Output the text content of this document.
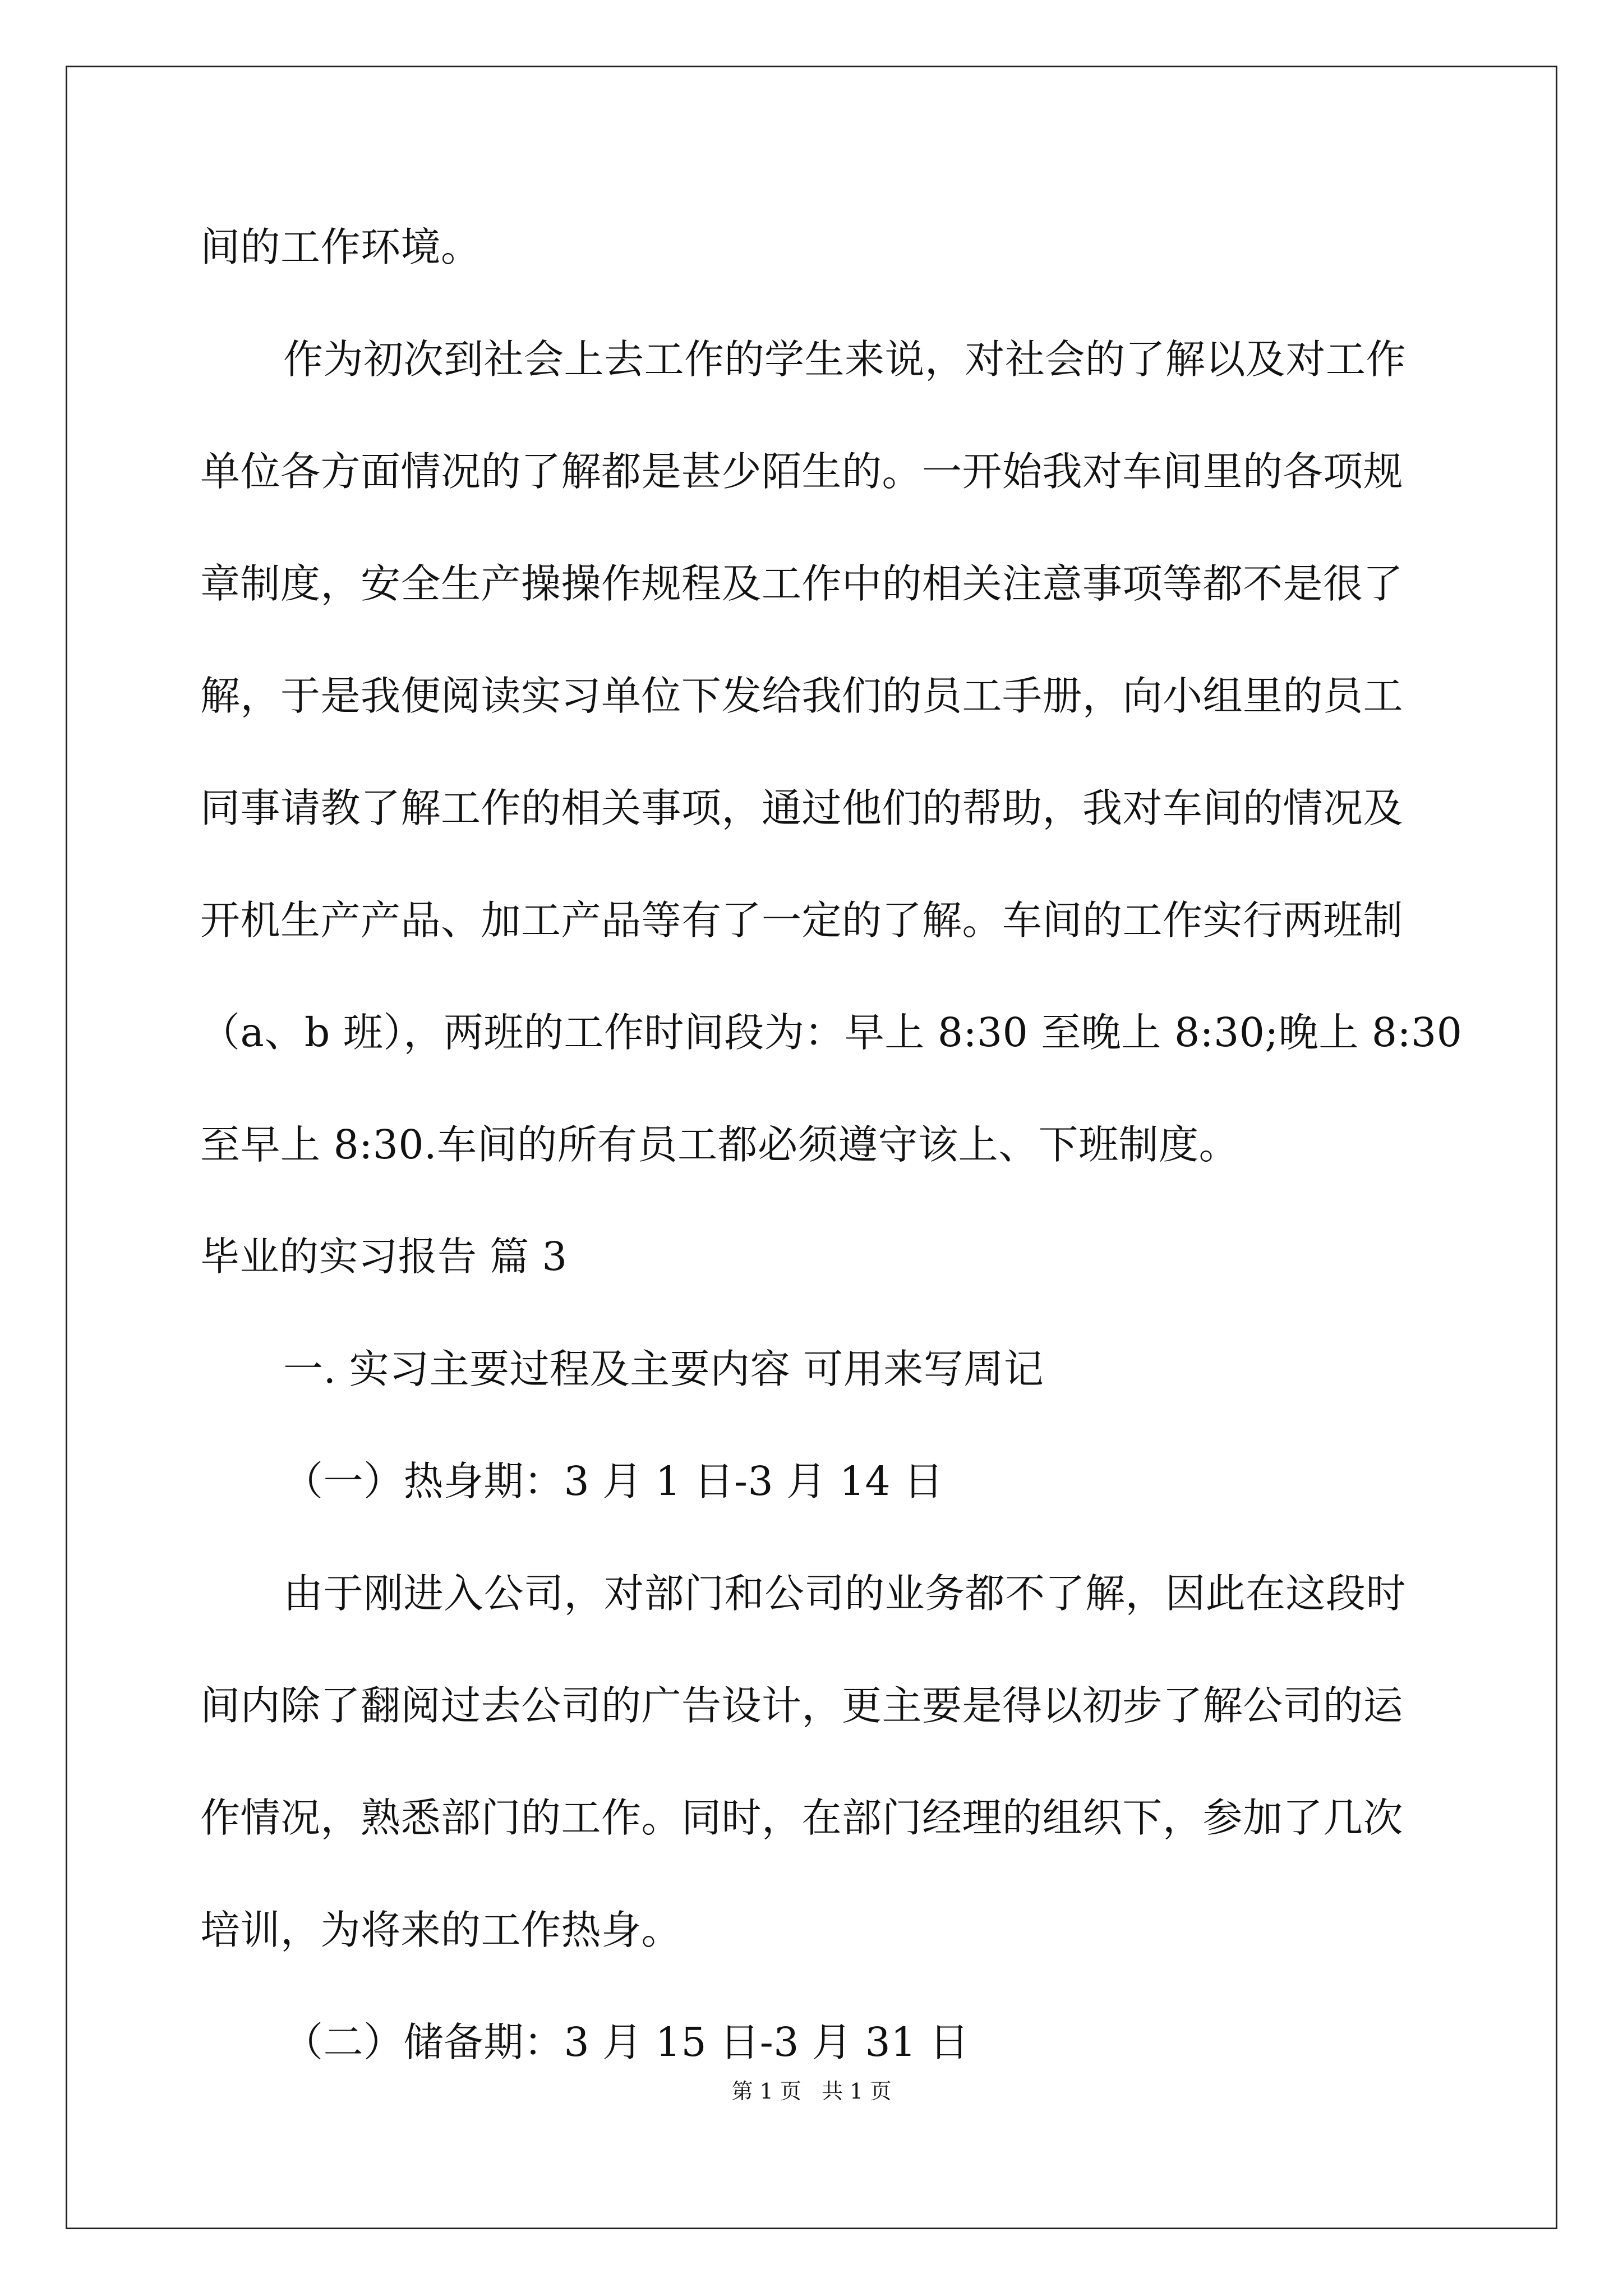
间的工作环境。

作为初次到社会上去工作的学生来说，对社会的了解以及对工作

单位各方面情况的了解都是甚少陌生的。一开始我对车间里的各项规

章制度，安全生产操操作规程及工作中的相关注意事项等都不是很了

解，于是我便阅读实习单位下发给我们的员工手册，向小组里的员工

同事请教了解工作的相关事项，通过他们的帮助，我对车间的情况及

开机生产产品、加工产品等有了一定的了解。车间的工作实行两班制

（a、b 班），两班的工作时间段为：早上 8:30 至晚上 8:30;晚上 8:30

至早上 8:30.车间的所有员工都必须遵守该上、下班制度。

毕业的实习报告 篇 3

一. 实习主要过程及主要内容 可用来写周记

（一）热身期：3 月 1 日-3 月 14 日

由于刚进入公司，对部门和公司的业务都不了解，因此在这段时

间内除了翻阅过去公司的广告设计，更主要是得以初步了解公司的运

作情况，熟悉部门的工作。同时，在部门经理的组织下，参加了几次

培训，为将来的工作热身。

（二）储备期：3 月 15 日-3 月 31 日

第 1 页   共 1 页
